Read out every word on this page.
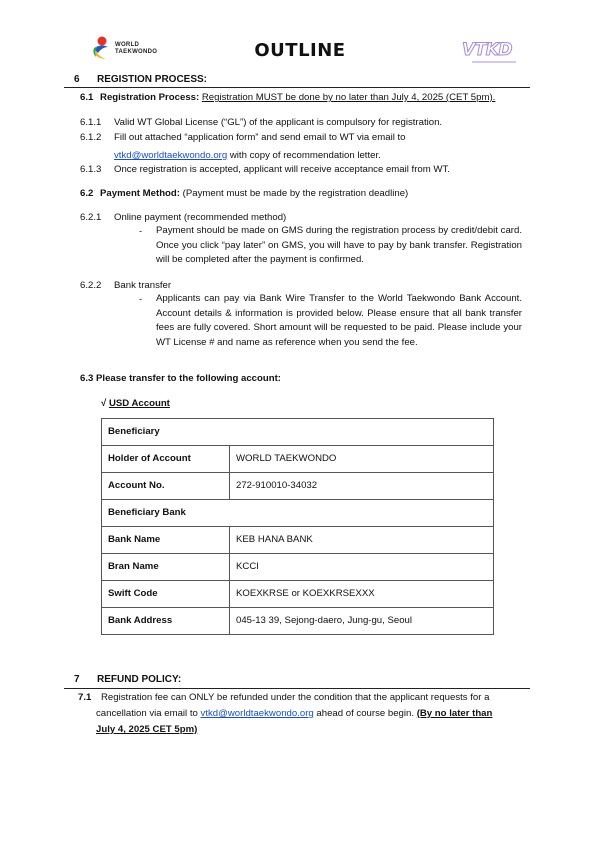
WORLD
TAEKWONDO	OUTLINE	VTKD
6 REGISTION PROCESS:
6.1 Registration Process: Registration MUST be done by no later than July 4, 2025 (CET 5pm).
6.1.1 Valid WT Global License (“GL”) of the applicant is compulsory for registration.
6.1.2 Fill out attached “application form” and send email to WT via email to
vtkd@worldtaekwondo.org with copy of recommendation letter.
6.1.3 Once registration is accepted, applicant will receive acceptance email from WT.
6.2 Payment Method: (Payment must be made by the registration deadline)
6.2.1 Online payment (recommended method)
- Payment should be made on GMS during the registration process by credit/debit card. Once you click “pay later” on GMS, you will have to pay by bank transfer. Registration will be completed after the payment is confirmed.
6.2.2 Bank transfer
- Applicants can pay via Bank Wire Transfer to the World Taekwondo Bank Account. Account details & information is provided below. Please ensure that all bank transfer fees are fully covered. Short amount will be requested to be paid. Please include your WT License # and name as reference when you send the fee.
6.3 Please transfer to the following account:
√ USD Account
Beneficiary	
Holder of Account	WORLD TAEKWONDO
Account No.	272-910010-34032
Beneficiary Bank	
Bank Name	KEB HANA BANK
Bran Name	KCCI
Swift Code	KOEXKRSE or KOEXKRSEXXX
Bank Address	045-13 39, Sejong-daero, Jung-gu, Seoul
7 REFUND POLICY:
7.1 Registration fee can ONLY be refunded under the condition that the applicant requests for a
cancellation via email to vtkd@worldtaekwondo.org ahead of course begin. (By no later than
July 4, 2025 CET 5pm)
